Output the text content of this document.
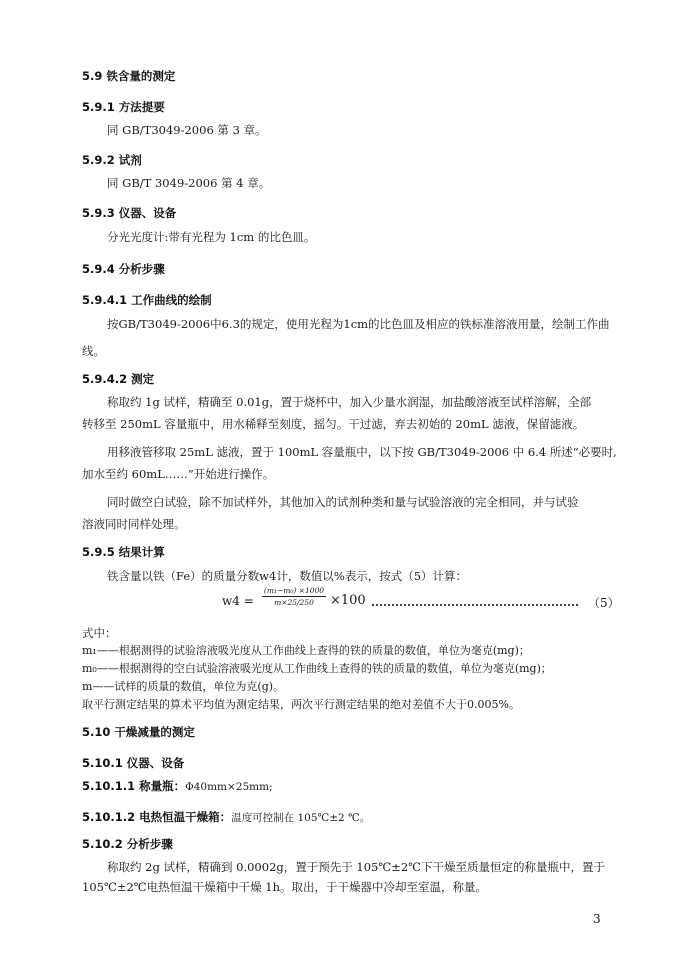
5.9 铁含量的测定
5.9.1 方法提要
同 GB/T3049-2006 第 3 章。
5.9.2 试剂
同 GB/T 3049-2006 第 4 章。
5.9.3 仪器、设备
分光光度计:带有光程为 1cm 的比色皿。
5.9.4 分析步骤
5.9.4.1 工作曲线的绘制
按GB/T3049-2006中6.3的规定，使用光程为1cm的比色皿及相应的铁标准溶液用量，绘制工作曲
线。
5.9.4.2 测定
称取约 1g 试样，精确至 0.01g，置于烧杯中，加入少量水润湿，加盐酸溶液至试样溶解，全部
转移至 250mL 容量瓶中，用水稀释至刻度，摇匀。干过滤，弃去初始的 20mL 滤液，保留滤液。
用移液管移取 25mL 滤液，置于 100mL 容量瓶中，以下按 GB/T3049-2006 中 6.4 所述“必要时,
加水至约 60mL……”开始进行操作。
同时做空白试验，除不加试样外，其他加入的试剂种类和量与试验溶液的完全相同，并与试验
溶液同时同样处理。
5.9.5 结果计算
铁含量以铁（Fe）的质量分数w4计，数值以%表示，按式（5）计算：
$w4 = \frac{\text{(m₁−m₀) ×1000}}{m\times 25/250} \times 100$	（5）
式中：
m₁——根据测得的试验溶液吸光度从工作曲线上查得的铁的质量的数值，单位为毫克(mg)；
m₀——根据测得的空白试验溶液吸光度从工作曲线上查得的铁的质量的数值，单位为毫克(mg)；
m——试样的质量的数值，单位为克(g)。
取平行测定结果的算术平均值为测定结果，两次平行测定结果的绝对差值不大于0.005%。
5.10 干燥减量的测定
5.10.1 仪器、设备
5.10.1.1 称量瓶：Φ40mm×25mm;
5.10.1.2 电热恒温干燥箱：温度可控制在 105℃±2 ℃。
5.10.2 分析步骤
称取约 2g 试样，精确到 0.0002g，置于预先于 105℃±2℃下干燥至质量恒定的称量瓶中，置于
105℃±2℃电热恒温干燥箱中干燥 1h。取出，于干燥器中冷却至室温，称量。
3
